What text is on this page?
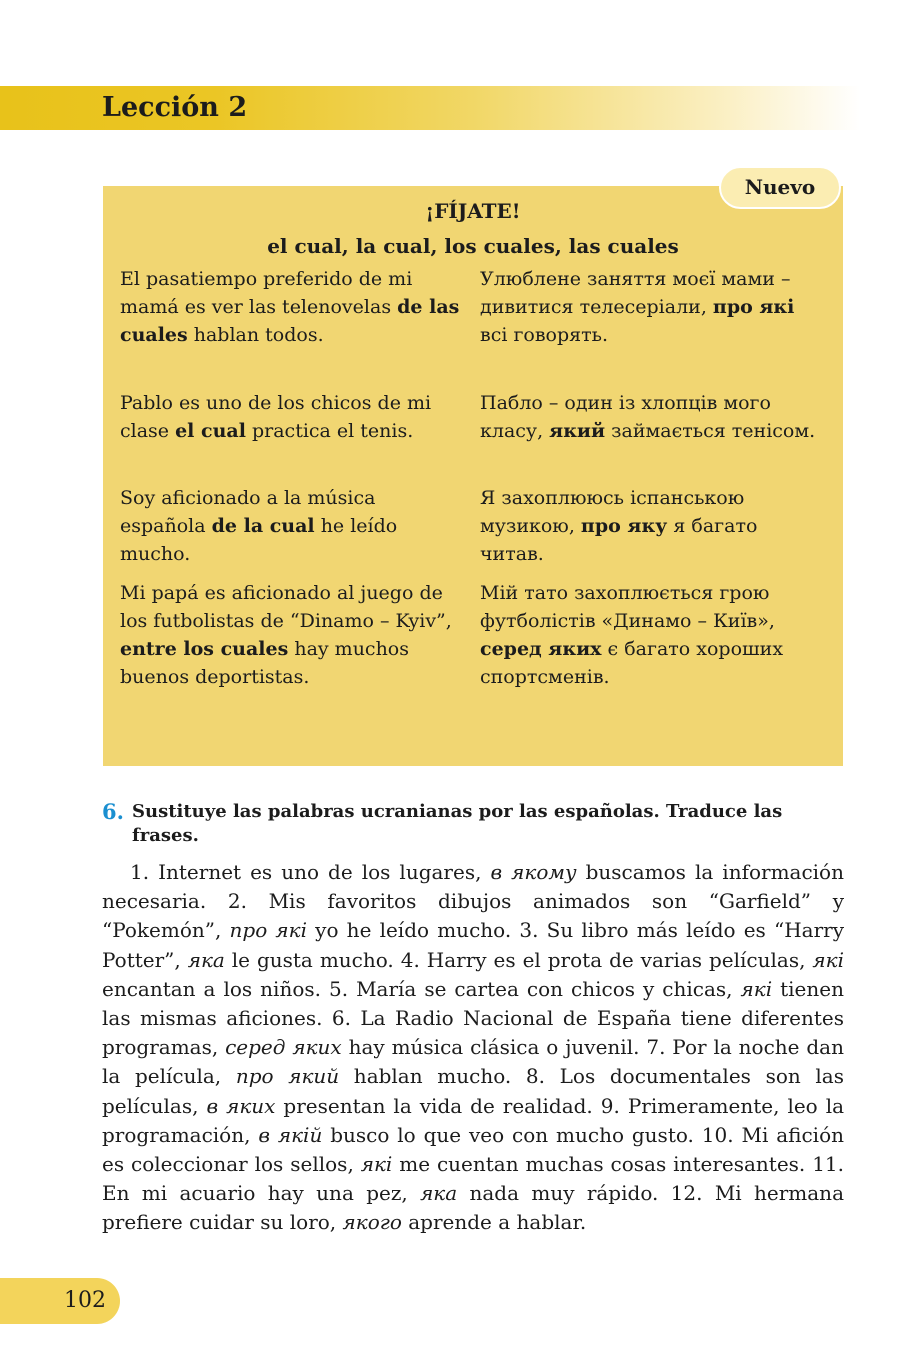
Lección 2
Nuevo
¡FÍJATE!
el cual, la cual, los cuales, las cuales
El pasatiempo preferido de mi mamá es ver las telenovelas de las cuales hablan todos.
Улюблене заняття моєї мами – дивитися телесеріали, про які всі говорять.
Pablo es uno de los chicos de mi clase el cual practica el tenis.
Пабло – один із хлопців мого класу, який займається тенісом.
Soy aficionado a la música española de la cual he leído mucho.
Я захоплююсь іспанською музикою, про яку я багато читав.
Mi papá es aficionado al juego de los futbolistas de “Dinamo – Kyiv”, entre los cuales hay muchos buenos deportistas.
Мій тато захоплюється грою футболістів «Динамо – Київ», серед яких є багато хороших спортсменів.
6. Sustituye las palabras ucranianas por las españolas. Traduce las frases.
1. Internet es uno de los lugares, в якому buscamos la información necesaria. 2. Mis favoritos dibujos animados son “Garfield” y “Pokemón”, про які yo he leído mucho. 3. Su libro más leído es “Harry Potter”, яка le gusta mucho. 4. Harry es el prota de varias películas, які encantan a los niños. 5. María se cartea con chicos y chicas, які tienen las mismas aficiones. 6. La Radio Nacional de España tiene diferentes programas, серед яких hay música clásica o juvenil. 7. Por la noche dan la película, про який hablan mucho. 8. Los documentales son las películas, в яких presentan la vida de realidad. 9. Primeramente, leo la programación, в якій busco lo que veo con mucho gusto. 10. Mi afición es coleccionar los sellos, які me cuentan muchas cosas interesantes. 11. En mi acuario hay una pez, яка nada muy rápido. 12. Mi hermana prefiere cuidar su loro, якого aprende a hablar.
102
